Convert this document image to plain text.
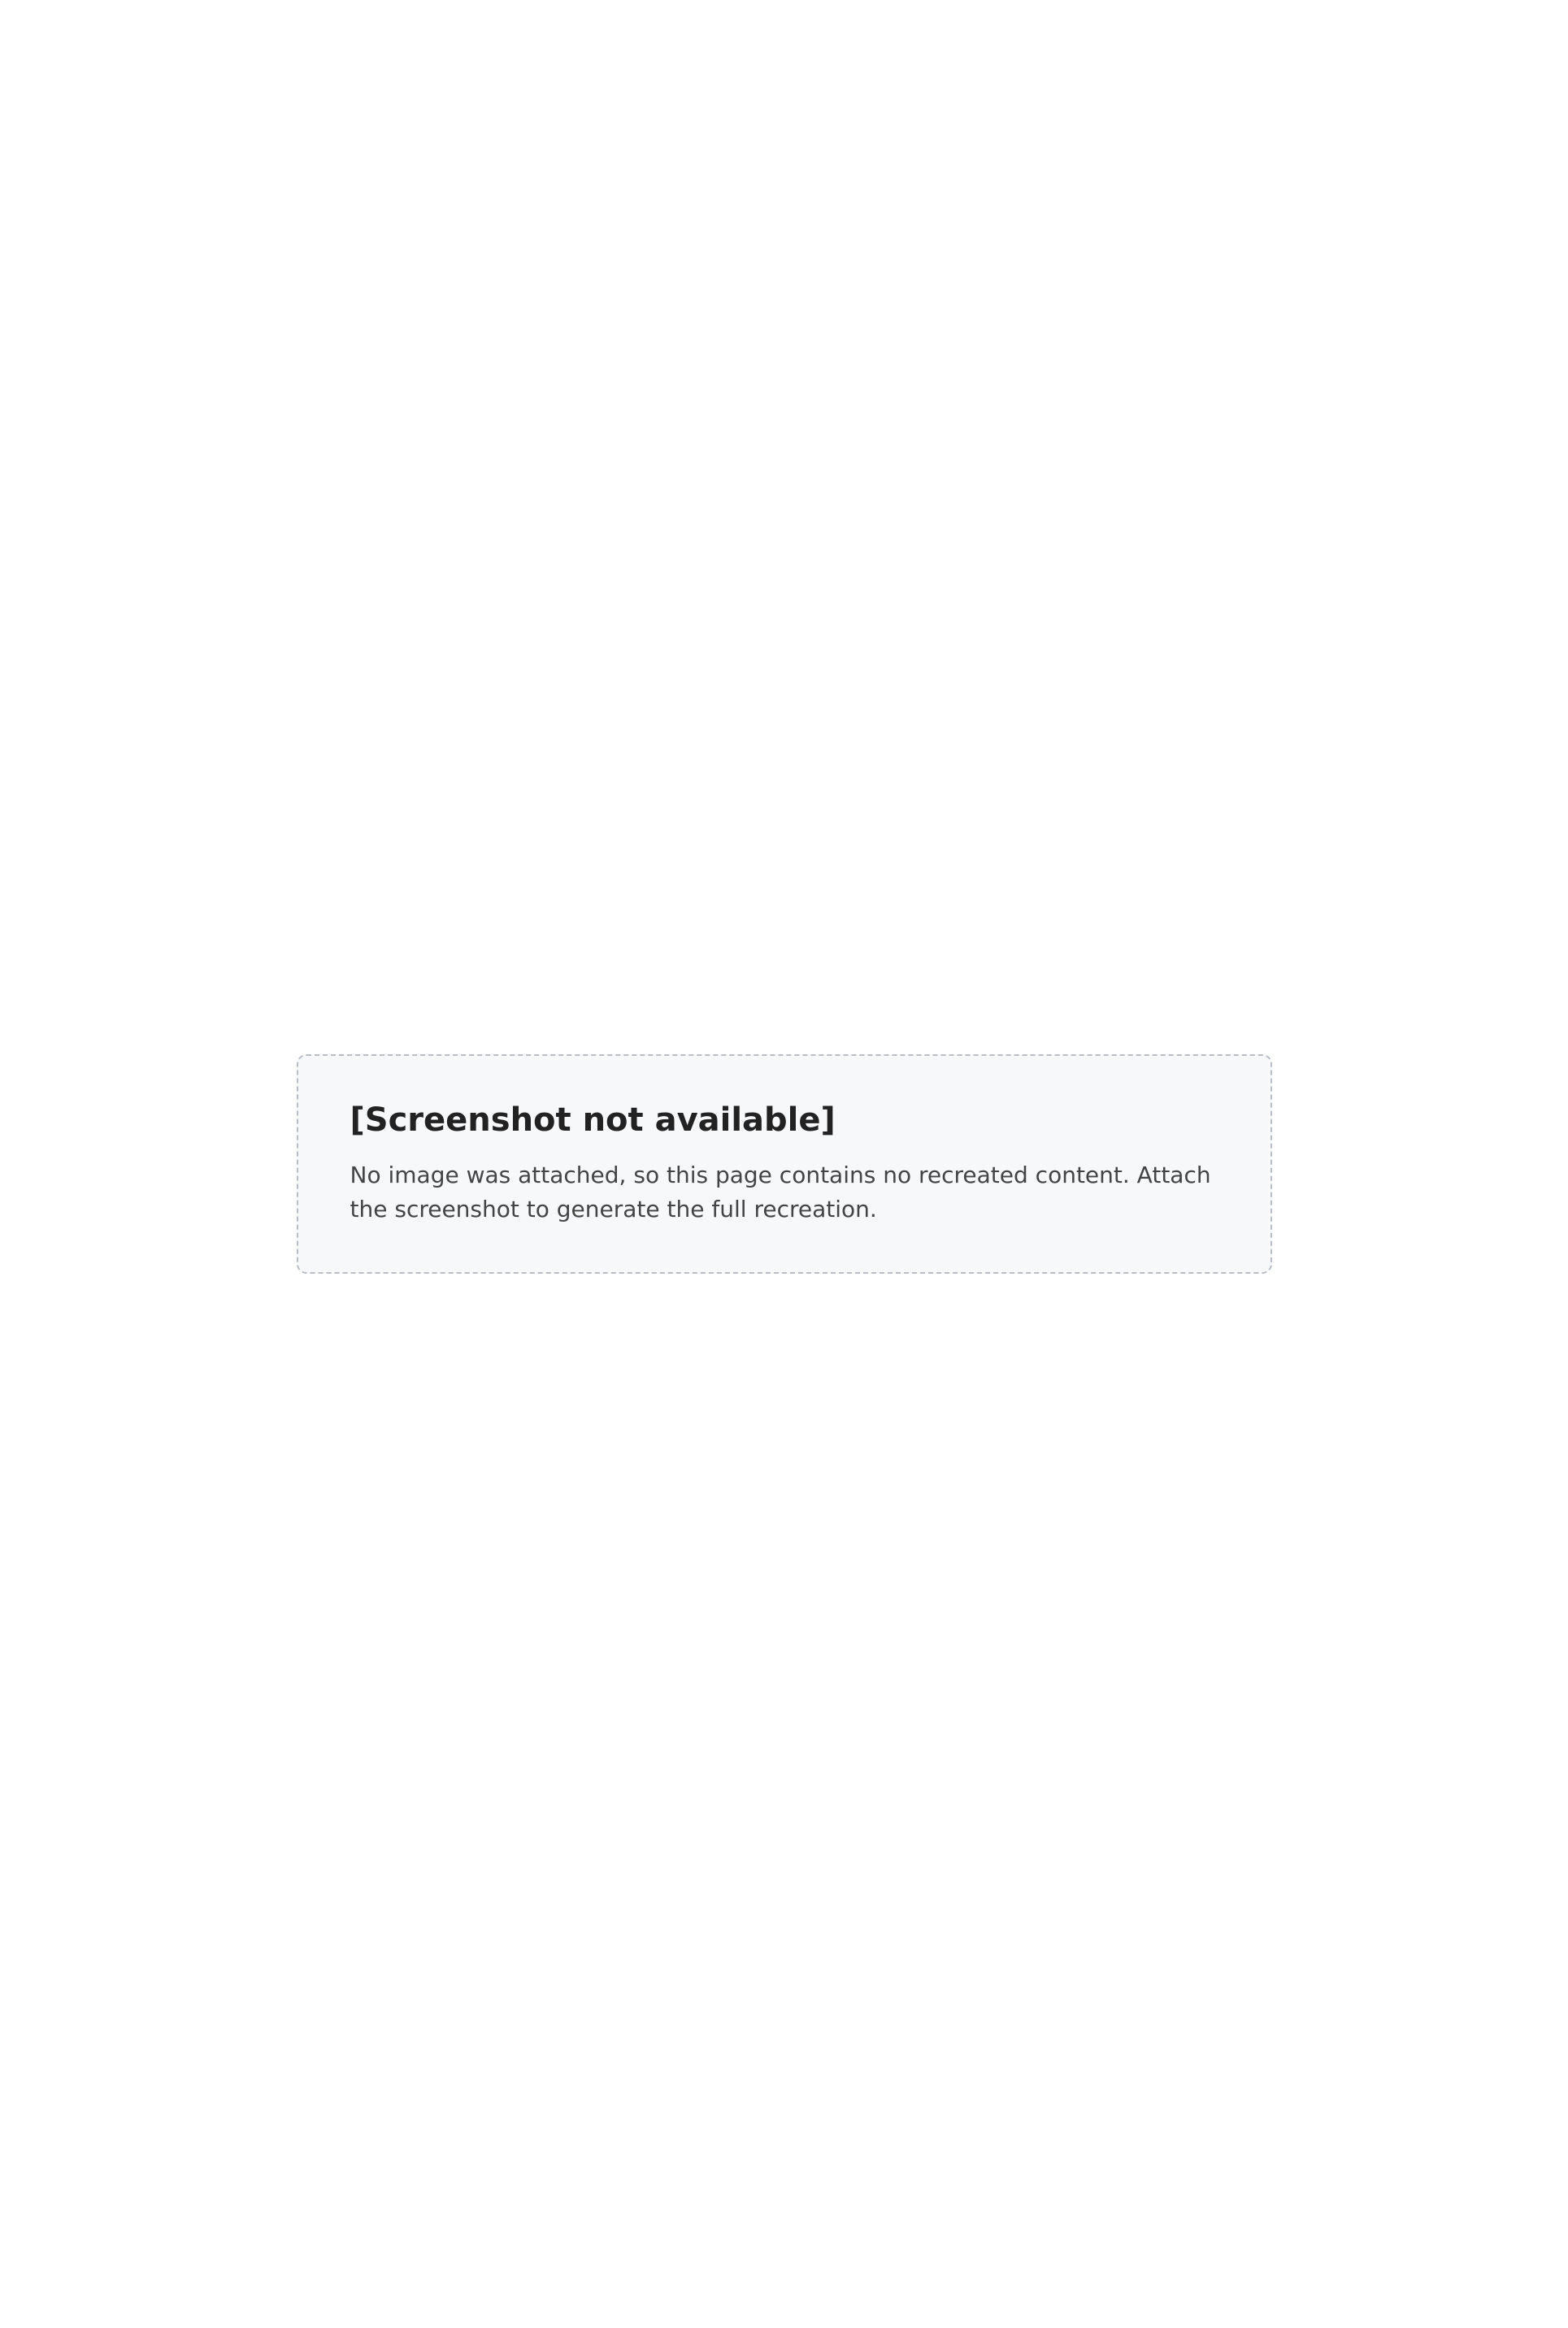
[Screenshot not available]

No image was attached, so this page contains no recreated content. Attach the screenshot to generate the full recreation.
